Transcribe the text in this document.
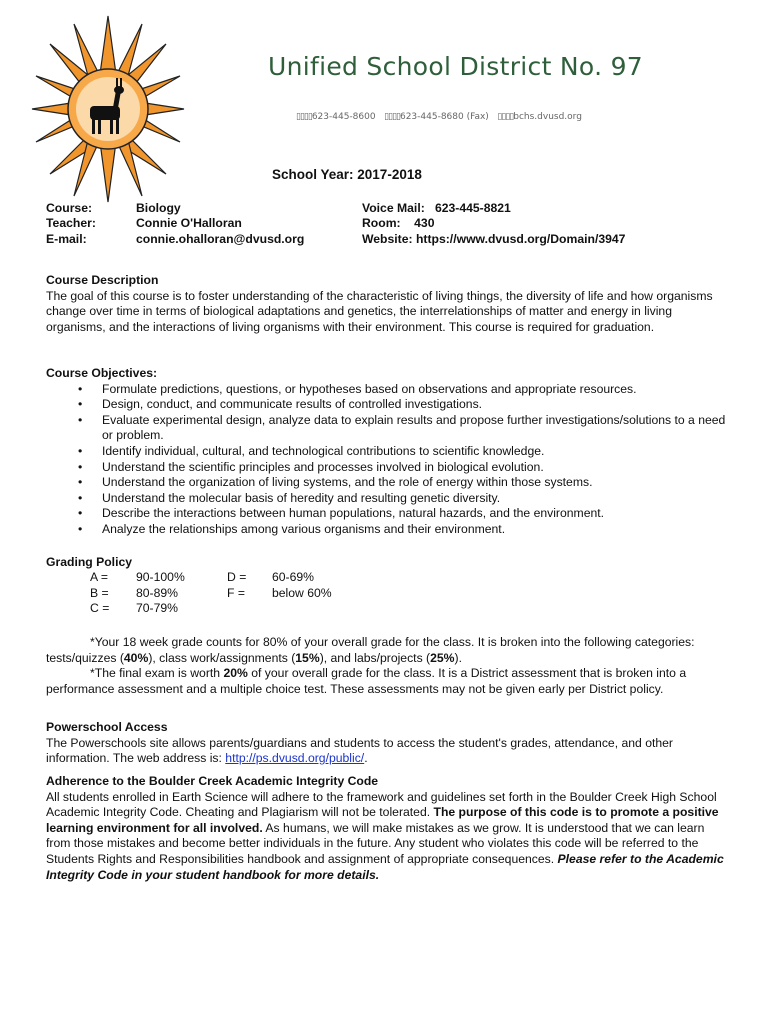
Unified School District No. 97
▯▯▯▯623-445-8600 ▯▯▯▯623-445-8680 (Fax) ▯▯▯▯bchs.dvusd.org
School Year: 2017-2018
Course:
Teacher:
E-mail:
Biology
Connie O'Halloran
connie.ohalloran@dvusd.org
Voice Mail: 623-445-8821
Room: 430
Website: https://www.dvusd.org/Domain/3947

Course Description

The goal of this course is to foster understanding of the characteristic of living things, the diversity of life and how organisms change over time in terms of biological adaptations and genetics, the interrelationships of matter and energy in living organisms, and the interactions of living organisms with their environment. This course is required for graduation.

Course Objectives:

• Formulate predictions, questions, or hypotheses based on observations and appropriate resources.
• Design, conduct, and communicate results of controlled investigations.
• Evaluate experimental design, analyze data to explain results and propose further investigations/solutions to a need or problem.
• Identify individual, cultural, and technological contributions to scientific knowledge.
• Understand the scientific principles and processes involved in biological evolution.
• Understand the organization of living systems, and the role of energy within those systems.
• Understand the molecular basis of heredity and resulting genetic diversity.
• Describe the interactions between human populations, natural hazards, and the environment.
• Analyze the relationships among various organisms and their environment.
Grading Policy
A = 90-100%
B = 80-89%
C = 70-79%
D = 60-69%
F = below 60%

*Your 18 week grade counts for 80% of your overall grade for the class. It is broken into the following categories: tests/quizzes (40%), class work/assignments (15%), and labs/projects (25%).

*The final exam is worth 20% of your overall grade for the class. It is a District assessment that is broken into a performance assessment and a multiple choice test. These assessments may not be given early per District policy.

Powerschool Access

The Powerschools site allows parents/guardians and students to access the student's grades, attendance, and other information. The web address is: http://ps.dvusd.org/public/.

Adherence to the Boulder Creek Academic Integrity Code

All students enrolled in Earth Science will adhere to the framework and guidelines set forth in the Boulder Creek High School Academic Integrity Code. Cheating and Plagiarism will not be tolerated. The purpose of this code is to promote a positive learning environment for all involved. As humans, we will make mistakes as we grow. It is understood that we can learn from those mistakes and become better individuals in the future. Any student who violates this code will be referred to the Students Rights and Responsibilities handbook and assignment of appropriate consequences. Please refer to the Academic Integrity Code in your student handbook for more details.
